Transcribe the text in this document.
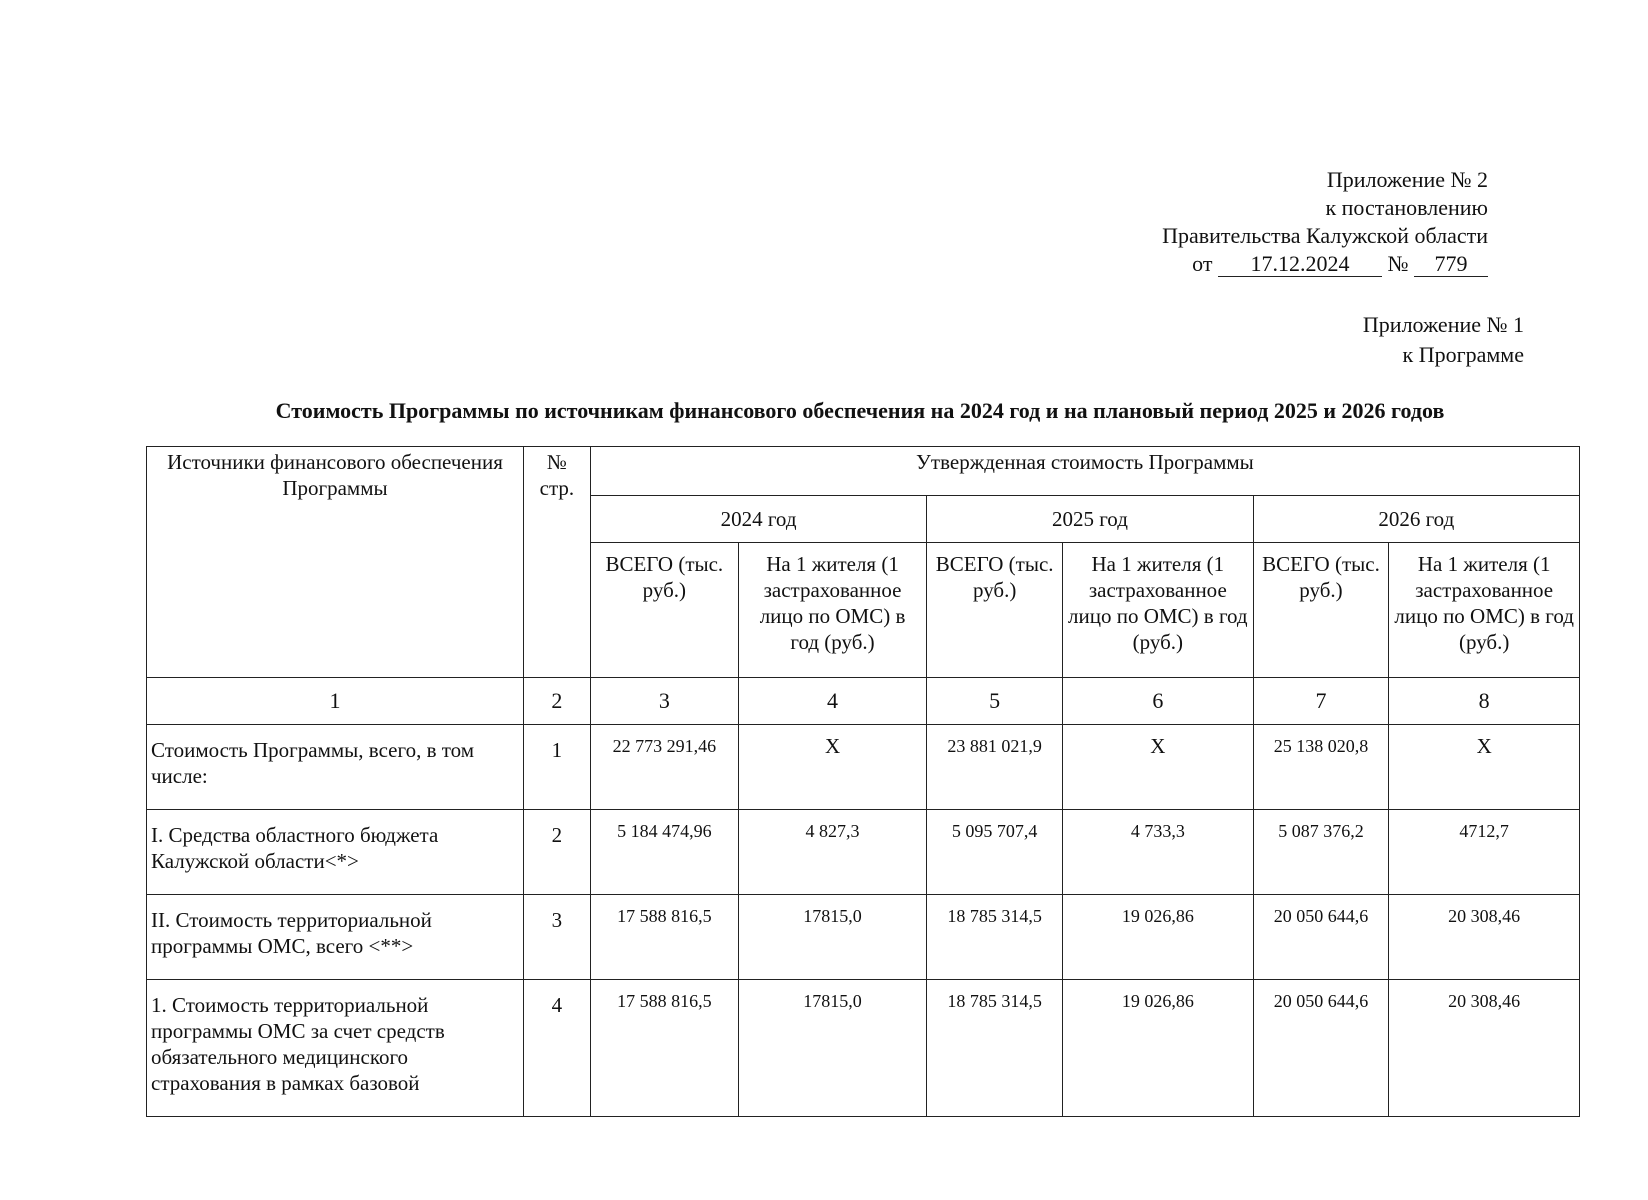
Приложение № 2
к постановлению
Правительства Калужской области
от 17.12.2024 № 779
Приложение № 1
к Программе
Стоимость Программы по источникам финансового обеспечения на 2024 год и на плановый период 2025 и 2026 годов
Источники финансового обеспечения Программы	№ стр.	Утвержденная стоимость Программы					
		2024 год		2025 год		2026 год	
		ВСЕГО (тыс. руб.)	На 1 жителя (1 застрахованное лицо по ОМС) в год (руб.)	ВСЕГО (тыс. руб.)	На 1 жителя (1 застрахованное лицо по ОМС) в год (руб.)	ВСЕГО (тыс. руб.)	На 1 жителя (1 застрахованное лицо по ОМС) в год (руб.)
1	2	3	4	5	6	7	8
Стоимость Программы, всего, в том числе:	1	22 773 291,46	X	23 881 021,9	X	25 138 020,8	X
I. Средства областного бюджета Калужской области<*>	2	5 184 474,96	4 827,3	5 095 707,4	4 733,3	5 087 376,2	4712,7
II. Стоимость территориальной программы ОМС, всего <**>	3	17 588 816,5	17815,0	18 785 314,5	19 026,86	20 050 644,6	20 308,46
1. Стоимость территориальной программы ОМС за счет средств обязательного медицинского страхования в рамках базовой	4	17 588 816,5	17815,0	18 785 314,5	19 026,86	20 050 644,6	20 308,46
